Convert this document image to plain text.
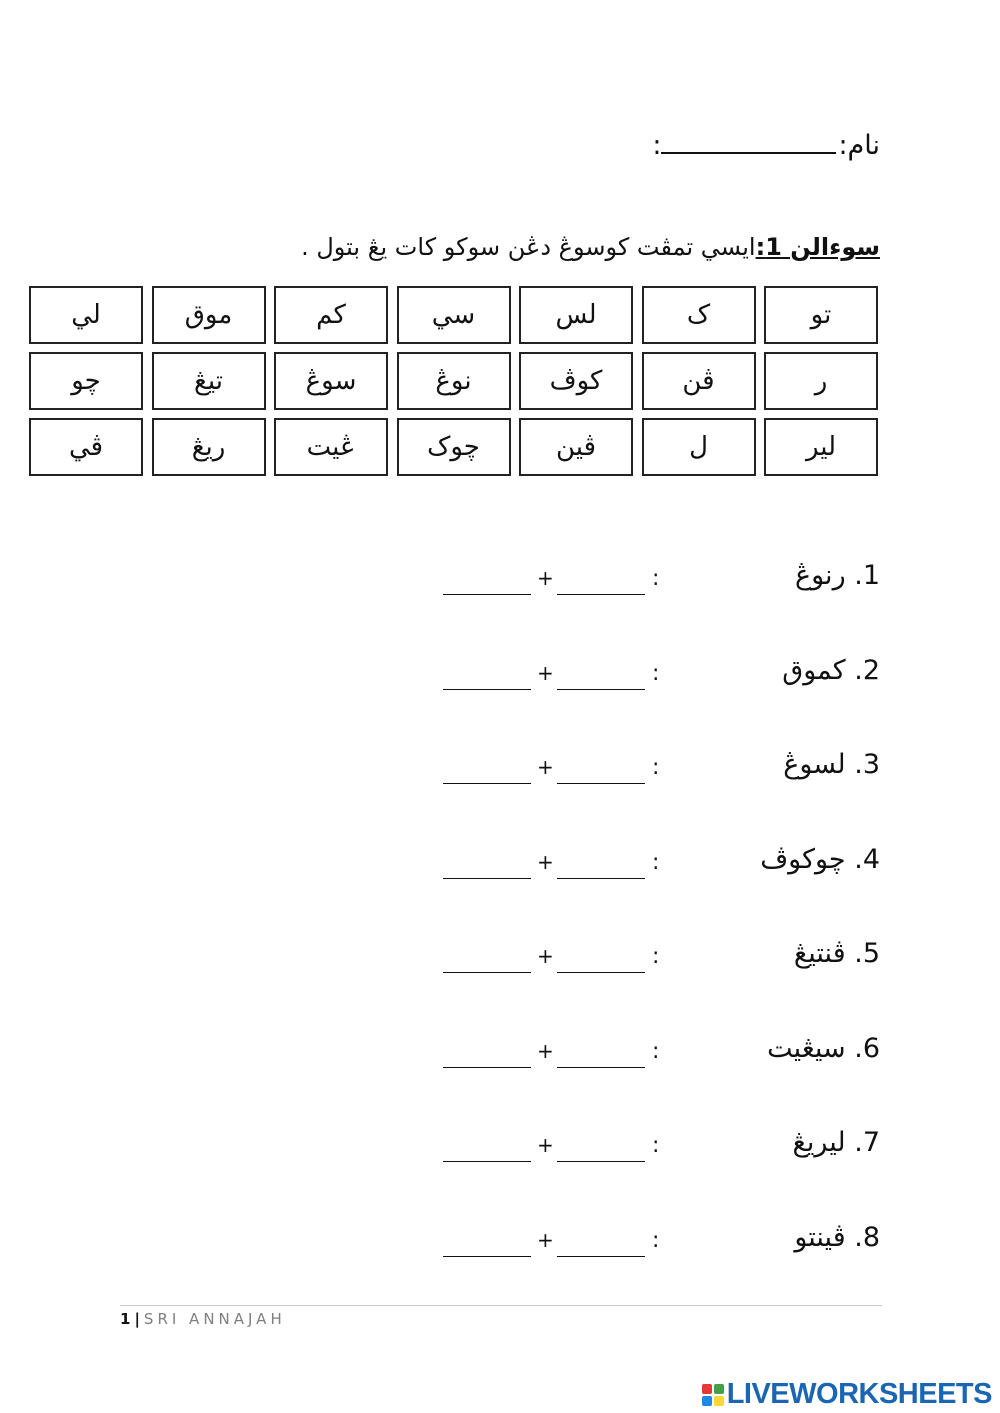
نام::
سوءالن 1:ايسي تمڤت كوسوڠ دڠن سوكو كات يڠ بتول .
تو
ک
لس
سي
كم
موق
لي
ر
ڤن
كوڤ
نوڠ
سوڠ
تيڠ
چو
لير
ل
ڤين
چوک
ڠيت
ريڠ
ڤي
1. رنوڠ
:
+
2. كموق
:
+
3. لسوڠ
:
+
4. چوكوڤ
:
+
5. ڤنتيڠ
:
+
6. سيڠيت
:
+
7. ليريڠ
:
+
8. ڤينتو
:
+
1 | SRI ANNAJAH
LIVEWORKSHEETS
